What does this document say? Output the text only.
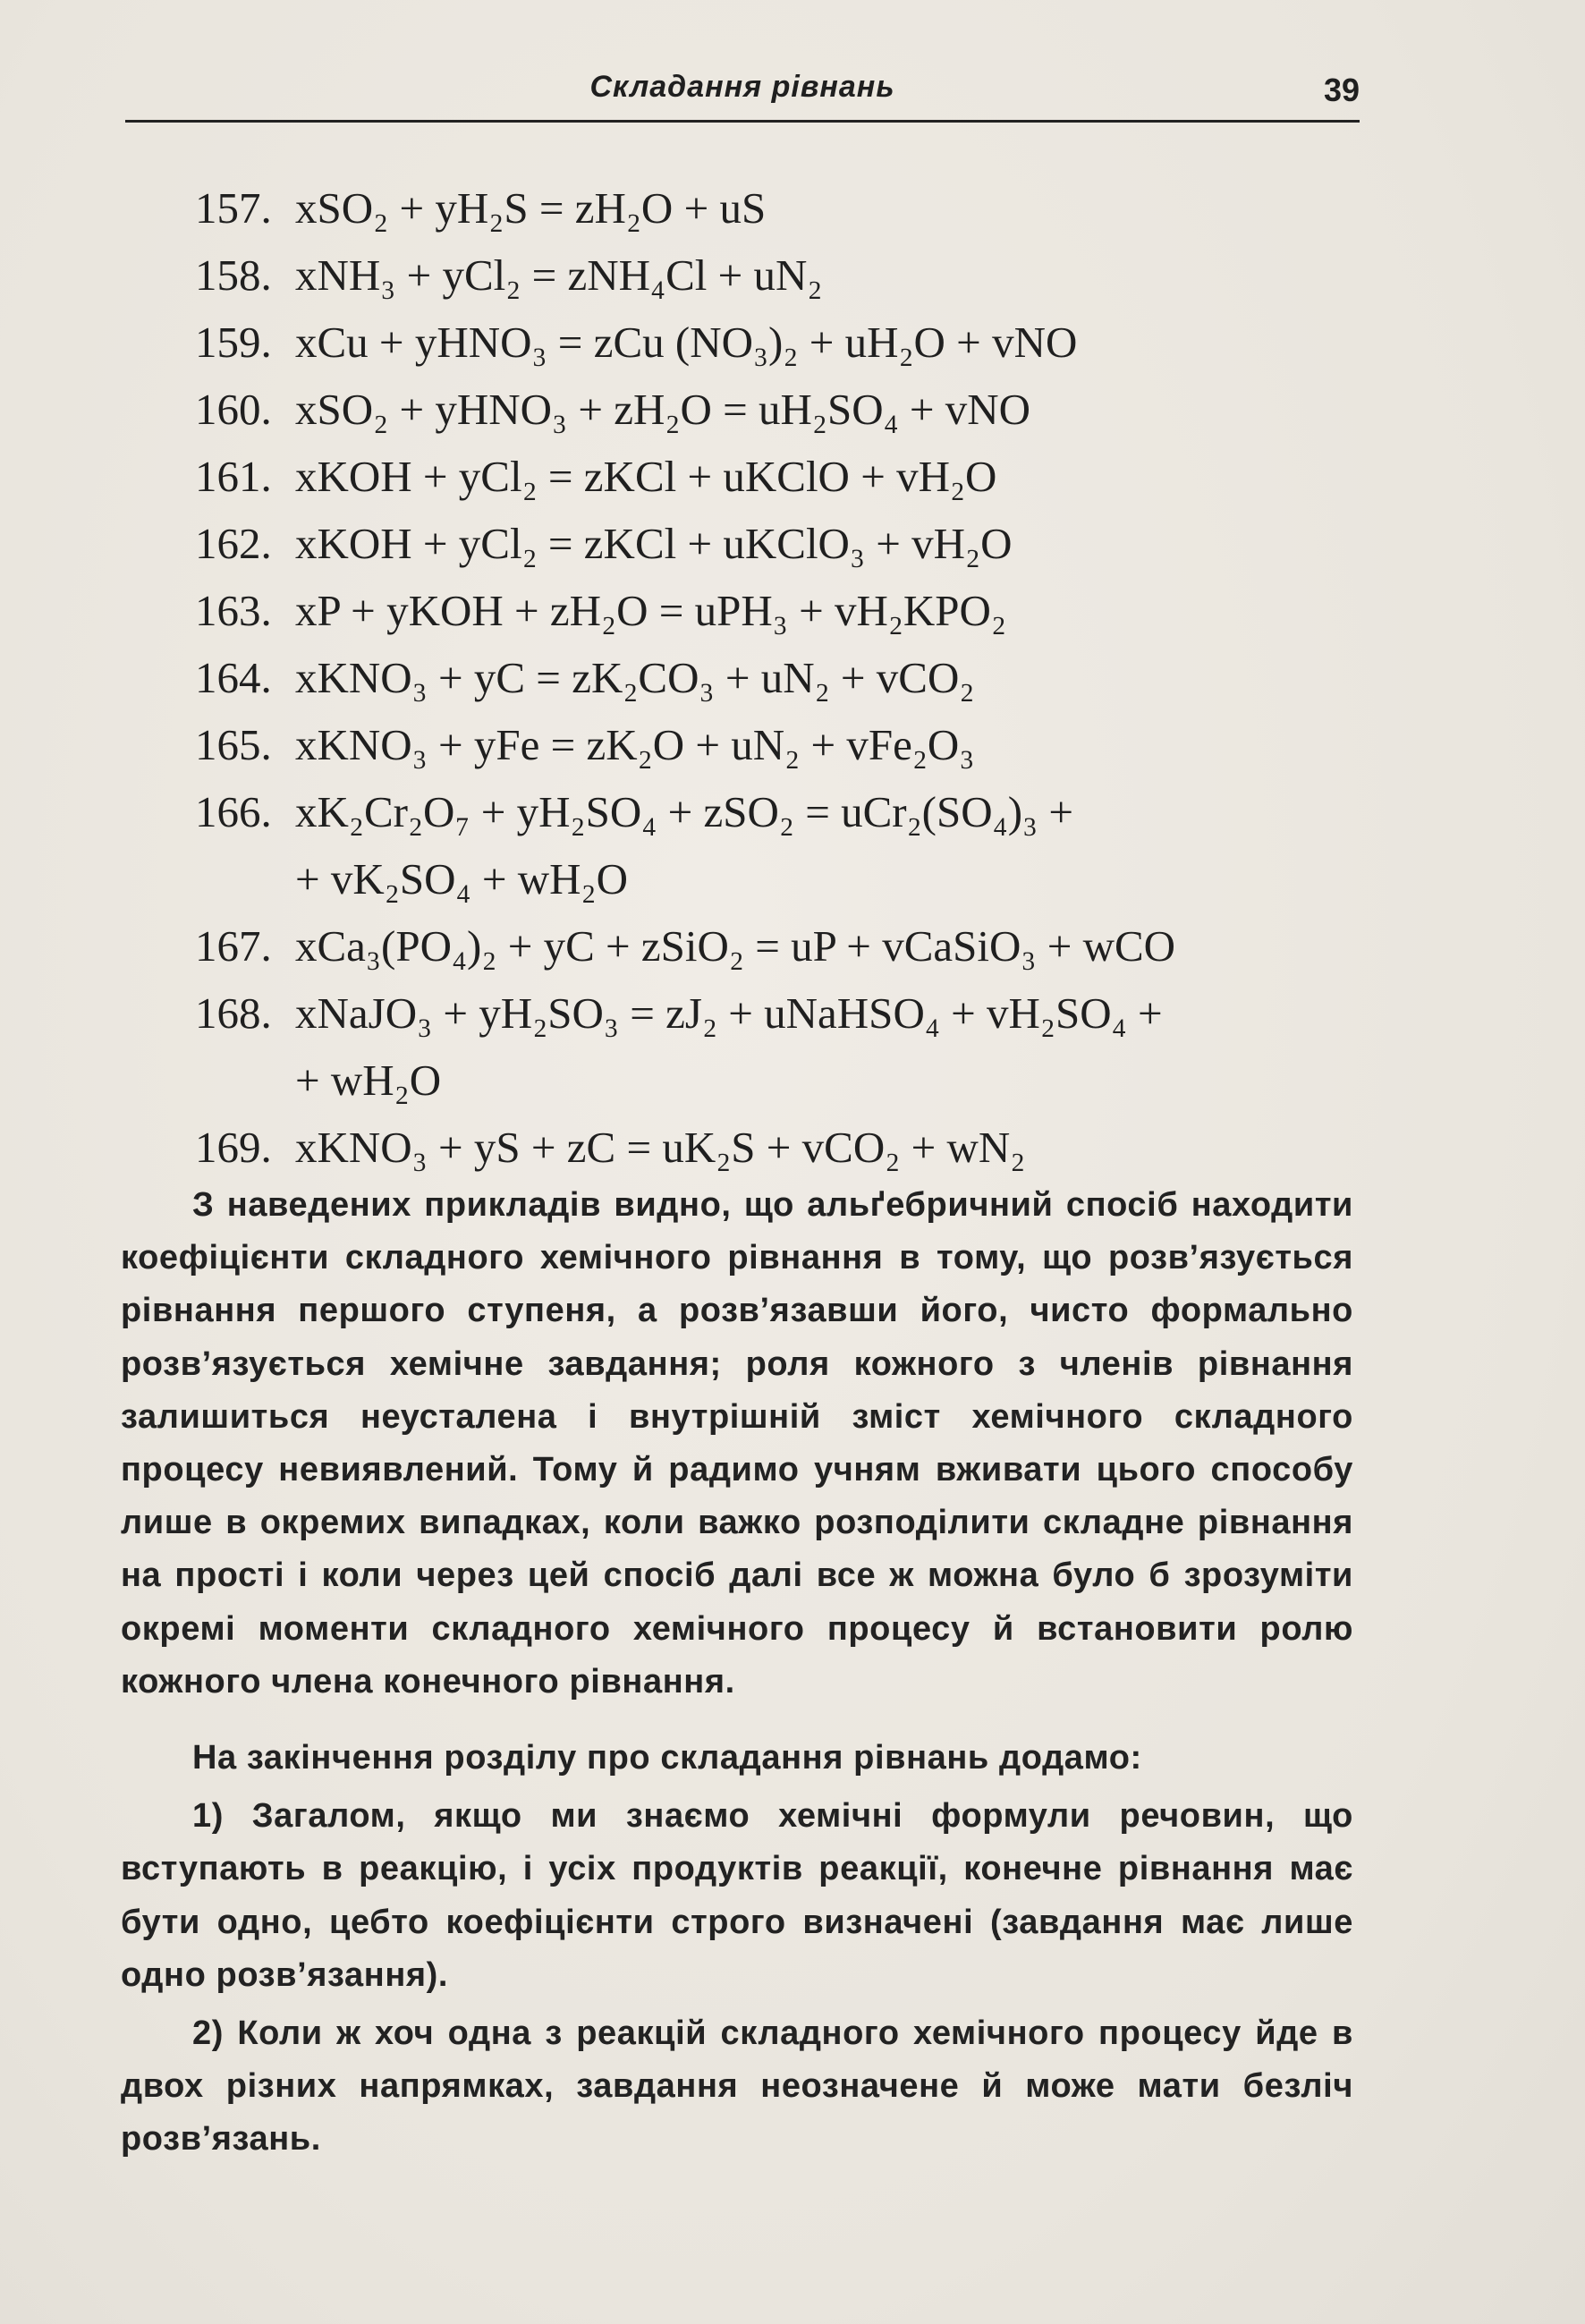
Складання рівнань	39
157. xSO₂ + yH₂S = zH₂O + uS
158. xNH₃ + yCl₂ = zNH₄Cl + uN₂
159. xCu + yHNO₃ = zCu (NO₃)₂ + uH₂O + vNO
160. xSO₂ + yHNO₃ + zH₂O = uH₂SO₄ + vNO
161. xKOH + yCl₂ = zKCl + uKClO + vH₂O
162. xKOH + yCl₂ = zKCl + uKClO₃ + vH₂O
163. xP + yKOH + zH₂O = uPH₃ + vH₂KPO₂
164. xKNO₃ + yC = zK₂CO₃ + uN₂ + vCO₂
165. xKNO₃ + yFe = zK₂O + uN₂ + vFe₂O₃
166. xK₂Cr₂O₇ + yH₂SO₄ + zSO₂ = uCr₂(SO₄)₃ +
+ vK₂SO₄ + wH₂O
167. xCa₃(PO₄)₂ + yC + zSiO₂ = uP + vCaSiO₃ + wCO
168. xNaJO₃ + yH₂SO₃ = zJ₂ + uNaHSO₄ + vH₂SO₄ +
+ wH₂O
169. xKNO₃ + yS + zC = uK₂S + vCO₂ + wN₂

З наведених прикладів видно, що альґебричний спосіб находити коефіцієнти складного хемічного рівнання в тому, що розв’язується рівнання першого ступеня, а розв’язавши його, чисто формально розв’язується хемічне завдання; роля кожного з членів рівнання залишиться неусталена і внутрішній зміст хемічного складного процесу невиявлений. Тому й радимо учням вживати цього способу лише в окремих випадках, коли важко розподілити складне рівнання на прості і коли через цей спосіб далі все ж можна було б зрозуміти окремі моменти складного хемічного процесу й встановити ролю кожного члена конечного рівнання.

На закінчення розділу про складання рівнань додамо:

1) Загалом, якщо ми знаємо хемічні формули речовин, що вступають в реакцію, і усіх продуктів реакції, конечне рівнання має бути одно, цебто коефіцієнти строго визначені (завдання має лише одно розв’язання).

2) Коли ж хоч одна з реакцій складного хемічного процесу йде в двох різних напрямках, завдання неозначене й може мати безліч розв’язань.
